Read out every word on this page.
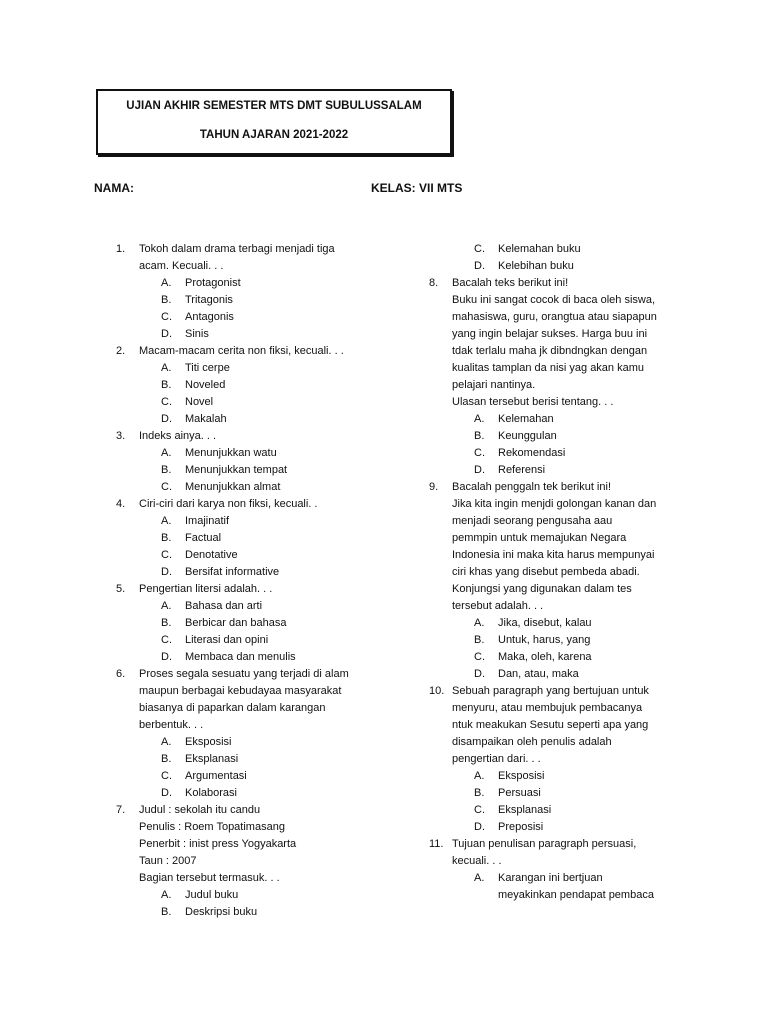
UJIAN AKHIR SEMESTER MTS DMT SUBULUSSALAM
TAHUN AJARAN 2021-2022
NAMA:	KELAS: VII MTS
1. Tokoh dalam drama terbagi menjadi tiga
acam. Kecuali. . .
A. Protagonist
B. Tritagonis
C. Antagonis
D. Sinis
2. Macam-macam cerita non fiksi, kecuali. . .
A. Titi cerpe
B. Noveled
C. Novel
D. Makalah
3. Indeks ainya. . .
A. Menunjukkan watu
B. Menunjukkan tempat
C. Menunjukkan almat
4. Ciri-ciri dari karya non fiksi, kecuali. .
A. Imajinatif
B. Factual
C. Denotative
D. Bersifat informative
5. Pengertian litersi adalah. . .
A. Bahasa dan arti
B. Berbicar dan bahasa
C. Literasi dan opini
D. Membaca dan menulis
6. Proses segala sesuatu yang terjadi di alam
maupun berbagai kebudayaa masyarakat
biasanya di paparkan dalam karangan
berbentuk. . .
A. Eksposisi
B. Eksplanasi
C. Argumentasi
D. Kolaborasi
7. Judul : sekolah itu candu
Penulis : Roem Topatimasang
Penerbit : inist press Yogyakarta
Taun : 2007
Bagian tersebut termasuk. . .
A. Judul buku
B. Deskripsi buku
C. Kelemahan buku
D. Kelebihan buku
8. Bacalah teks berikut ini!
Buku ini sangat cocok di baca oleh siswa,
mahasiswa, guru, orangtua atau siapapun
yang ingin belajar sukses. Harga buu ini
tdak terlalu maha jk dibndngkan dengan
kualitas tamplan da nisi yag akan kamu
pelajari nantinya.
Ulasan tersebut berisi tentang. . .
A. Kelemahan
B. Keunggulan
C. Rekomendasi
D. Referensi
9. Bacalah penggaln tek berikut ini!
Jika kita ingin menjdi golongan kanan dan
menjadi seorang pengusaha aau
pemmpin untuk memajukan Negara
Indonesia ini maka kita harus mempunyai
ciri khas yang disebut pembeda abadi.
Konjungsi yang digunakan dalam tes
tersebut adalah. . .
A. Jika, disebut, kalau
B. Untuk, harus, yang
C. Maka, oleh, karena
D. Dan, atau, maka
10. Sebuah paragraph yang bertujuan untuk
menyuru, atau membujuk pembacanya
ntuk meakukan Sesutu seperti apa yang
disampaikan oleh penulis adalah
pengertian dari. . .
A. Eksposisi
B. Persuasi
C. Eksplanasi
D. Preposisi
11. Tujuan penulisan paragraph persuasi,
kecuali. . .
A. Karangan ini bertjuan
meyakinkan pendapat pembaca
